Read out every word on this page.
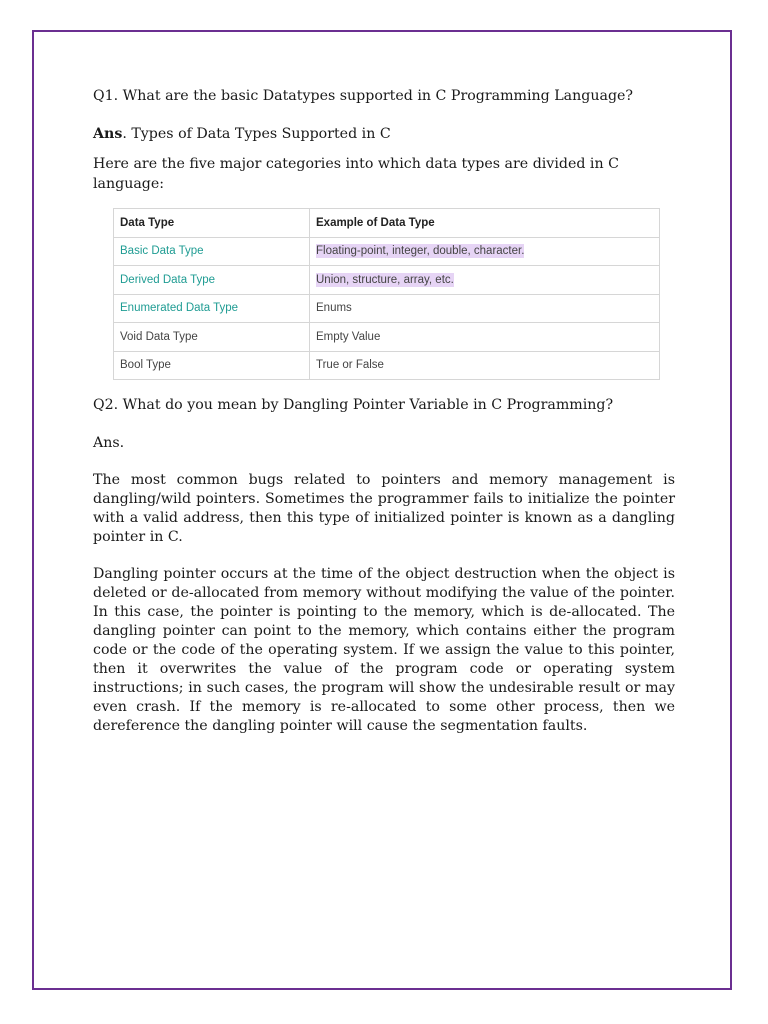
Q1. What are the basic Datatypes supported in C Programming Language?

Ans. Types of Data Types Supported in C

Here are the five major categories into which data types are divided in C language:

Data Type	Example of Data Type
Basic Data Type	Floating-point, integer, double, character.
Derived Data Type	Union, structure, array, etc.
Enumerated Data Type	Enums
Void Data Type	Empty Value
Bool Type	True or False

Q2. What do you mean by Dangling Pointer Variable in C Programming?

Ans.

The most common bugs related to pointers and memory management is dangling/wild pointers. Sometimes the programmer fails to initialize the pointer with a valid address, then this type of initialized pointer is known as a dangling pointer in C.

Dangling pointer occurs at the time of the object destruction when the object is deleted or de-allocated from memory without modifying the value of the pointer. In this case, the pointer is pointing to the memory, which is de-allocated. The dangling pointer can point to the memory, which contains either the program code or the code of the operating system. If we assign the value to this pointer, then it overwrites the value of the program code or operating system instructions; in such cases, the program will show the undesirable result or may even crash. If the memory is re-allocated to some other process, then we dereference the dangling pointer will cause the segmentation faults.
